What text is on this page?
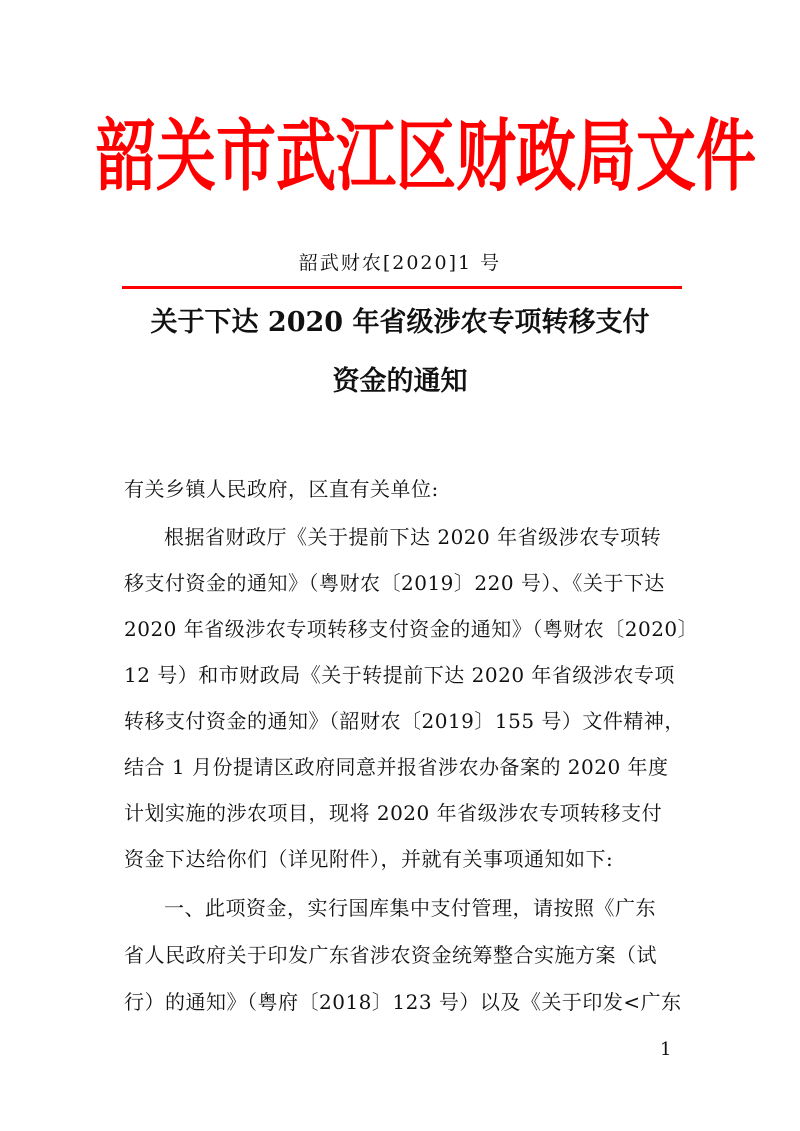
韶关市武江区财政局文件
韶武财农[2020]1 号
关于下达 2020 年省级涉农专项转移支付
资金的通知
有关乡镇人民政府，区直有关单位:
根据省财政厅《关于提前下达 2020 年省级涉农专项转
移支付资金的通知》（粤财农〔2019〕220 号）、《关于下达
2020 年省级涉农专项转移支付资金的通知》（粤财农〔2020〕
12 号）和市财政局《关于转提前下达 2020 年省级涉农专项
转移支付资金的通知》（韶财农〔2019〕155 号）文件精神，
结合 1 月份提请区政府同意并报省涉农办备案的 2020 年度
计划实施的涉农项目，现将 2020 年省级涉农专项转移支付
资金下达给你们（详见附件），并就有关事项通知如下:
一、此项资金，实行国库集中支付管理，请按照《广东
省人民政府关于印发广东省涉农资金统筹整合实施方案（试
行）的通知》（粤府〔2018〕123 号）以及《关于印发<广东
1
